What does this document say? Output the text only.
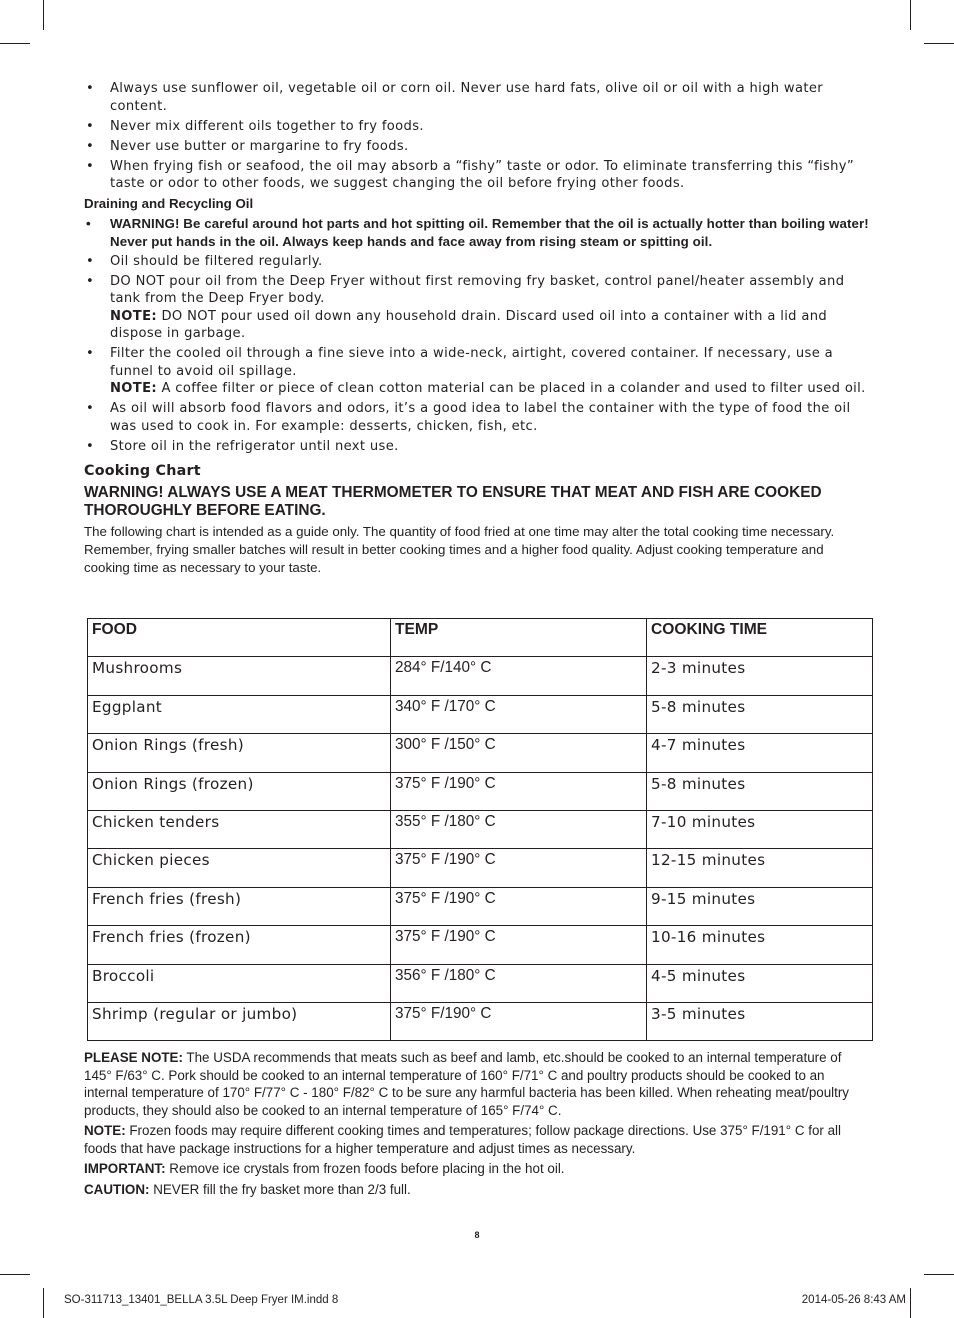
• Always use sunflower oil, vegetable oil or corn oil. Never use hard fats, olive oil or oil with a high water content.
• Never mix different oils together to fry foods.
• Never use butter or margarine to fry foods.
• When frying fish or seafood, the oil may absorb a “fishy” taste or odor. To eliminate transferring this “fishy” taste or odor to other foods, we suggest changing the oil before frying other foods.
Draining and Recycling Oil
• WARNING! Be careful around hot parts and hot spitting oil. Remember that the oil is actually hotter than boiling water! Never put hands in the oil. Always keep hands and face away from rising steam or spitting oil.
• Oil should be filtered regularly.
• DO NOT pour oil from the Deep Fryer without first removing fry basket, control panel/heater assembly and tank from the Deep Fryer body.
NOTE: DO NOT pour used oil down any household drain. Discard used oil into a container with a lid and dispose in garbage.
• Filter the cooled oil through a fine sieve into a wide-neck, airtight, covered container. If necessary, use a funnel to avoid oil spillage.
NOTE: A coffee filter or piece of clean cotton material can be placed in a colander and used to filter used oil.
• As oil will absorb food flavors and odors, it’s a good idea to label the container with the type of food the oil was used to cook in. For example: desserts, chicken, fish, etc.
• Store oil in the refrigerator until next use.
Cooking Chart
WARNING! ALWAYS USE A MEAT THERMOMETER TO ENSURE THAT MEAT AND FISH ARE COOKED THOROUGHLY BEFORE EATING.

The following chart is intended as a guide only. The quantity of food fried at one time may alter the total cooking time necessary. Remember, frying smaller batches will result in better cooking times and a higher food quality. Adjust cooking temperature and cooking time as necessary to your taste.

FOOD	TEMP	COOKING TIME
Mushrooms	284° F/140° C	2-3 minutes
Eggplant	340° F /170° C	5-8 minutes
Onion Rings (fresh)	300° F /150° C	4-7 minutes
Onion Rings (frozen)	375° F /190° C	5-8 minutes
Chicken tenders	355° F /180° C	7-10 minutes
Chicken pieces	375° F /190° C	12-15 minutes
French fries (fresh)	375° F /190° C	9-15 minutes
French fries (frozen)	375° F /190° C	10-16 minutes
Broccoli	356° F /180° C	4-5 minutes
Shrimp (regular or jumbo)	375° F/190° C	3-5 minutes

PLEASE NOTE: The USDA recommends that meats such as beef and lamb, etc.should be cooked to an internal temperature of 145° F/63° C. Pork should be cooked to an internal temperature of 160° F/71° C and poultry products should be cooked to an internal temperature of 170° F/77° C - 180° F/82° C to be sure any harmful bacteria has been killed. When reheating meat/poultry products, they should also be cooked to an internal temperature of 165° F/74° C.

NOTE: Frozen foods may require different cooking times and temperatures; follow package directions. Use 375° F/191° C for all foods that have package instructions for a higher temperature and adjust times as necessary.

IMPORTANT: Remove ice crystals from frozen foods before placing in the hot oil.

CAUTION: NEVER fill the fry basket more than 2/3 full.

8
SO-311713_13401_BELLA 3.5L Deep Fryer IM.indd 8	2014-05-26 8:43 AM
